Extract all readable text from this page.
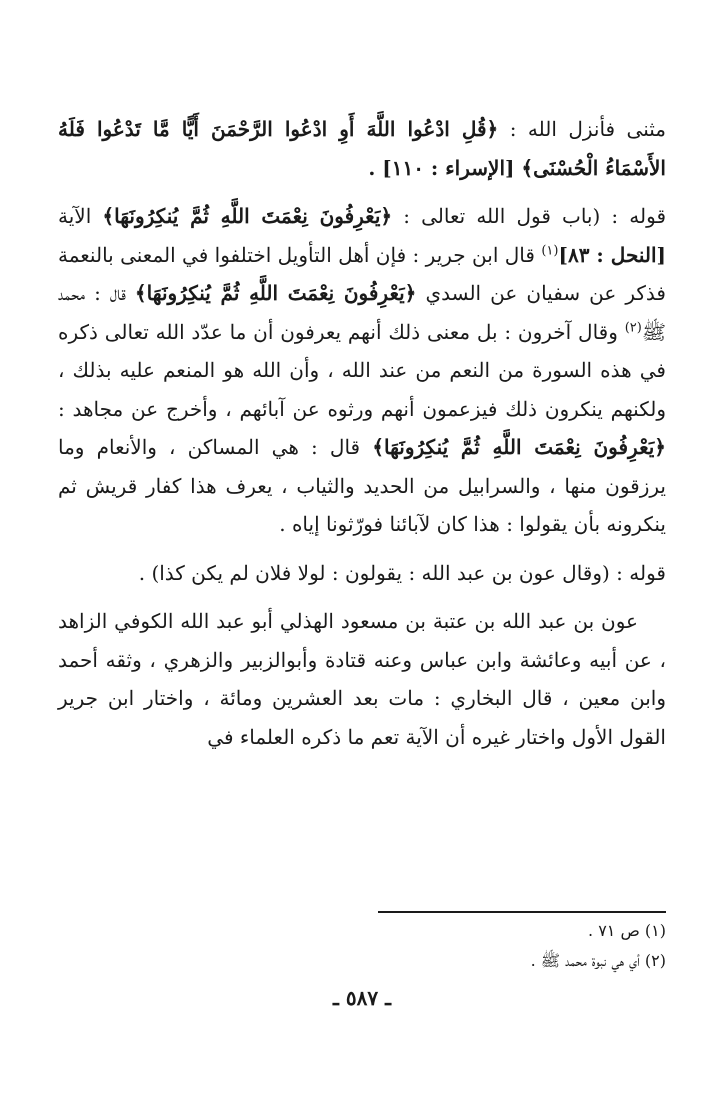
مثنى فأنزل الله : ﴿قُلِ ادْعُوا اللَّهَ أَوِ ادْعُوا الرَّحْمَنَ أَيًّا مَّا تَدْعُوا فَلَهُ الأَسْمَاءُ الْحُسْنَى﴾ [الإسراء : ١١٠] .

قوله : (باب قول الله تعالى : ﴿يَعْرِفُونَ نِعْمَتَ اللَّهِ ثُمَّ يُنكِرُونَهَا﴾ الآية [النحل : ٨٣]$^{(١)}$ قال ابن جرير : فإن أهل التأويل اختلفوا في المعنى بالنعمة فذكر عن سفيان عن السدي ﴿يَعْرِفُونَ نِعْمَتَ اللَّهِ ثُمَّ يُنكِرُونَهَا﴾ قال : محمد ﷺ$^{(٢)}$ وقال آخرون : بل معنى ذلك أنهم يعرفون أن ما عدّد الله تعالى ذكره في هذه السورة من النعم من عند الله ، وأن الله هو المنعم عليه بذلك ، ولكنهم ينكرون ذلك فيزعمون أنهم ورثوه عن آبائهم ، وأخرج عن مجاهد : ﴿يَعْرِفُونَ نِعْمَتَ اللَّهِ ثُمَّ يُنكِرُونَهَا﴾ قال : هي المساكن ، والأنعام وما يرزقون منها ، والسرابيل من الحديد والثياب ، يعرف هذا كفار قريش ثم ينكرونه بأن يقولوا : هذا كان لآبائنا فورّثونا إياه .

قوله : (وقال عون بن عبد الله : يقولون : لولا فلان لم يكن كذا) .

عون بن عبد الله بن عتبة بن مسعود الهذلي أبو عبد الله الكوفي الزاهد ، عن أبيه وعائشة وابن عباس وعنه قتادة وأبوالزبير والزهري ، وثقه أحمد وابن معين ، قال البخاري : مات بعد العشرين ومائة ، واختار ابن جرير القول الأول واختار غيره أن الآية تعم ما ذكره العلماء في

(١) ص ٧١ .

(٢) أي هي نبوة محمد ﷺ .

ـ ٥٨٧ ـ
